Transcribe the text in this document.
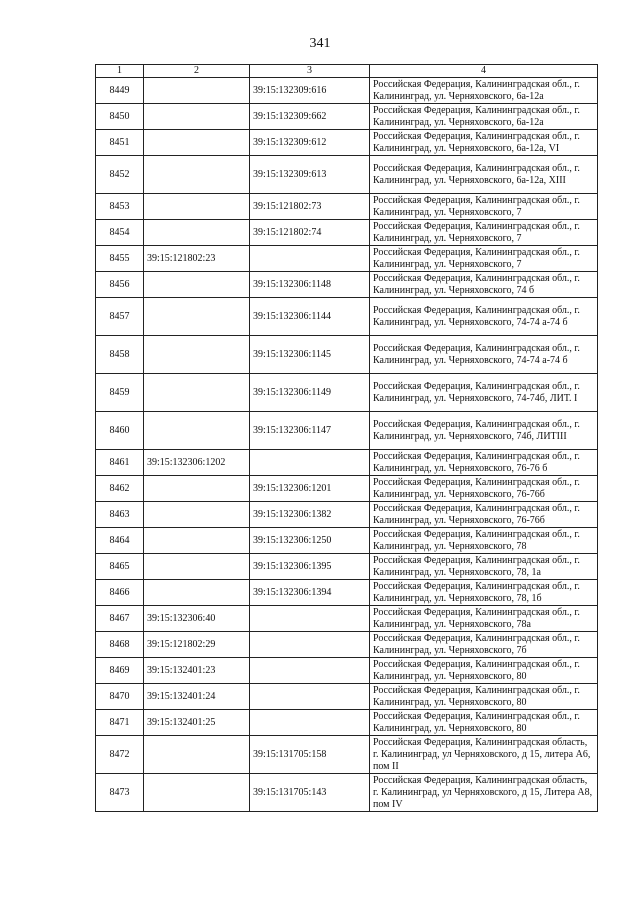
341
1	2	3	4
8449		39:15:132309:616	Российская Федерация, Калининградская обл., г. Калининград, ул. Черняховского, 6а-12а
8450		39:15:132309:662	Российская Федерация, Калининградская обл., г. Калининград, ул. Черняховского, 6а-12а
8451		39:15:132309:612	Российская Федерация, Калининградская обл., г. Калининград, ул. Черняховского, 6а-12а, VI
8452		39:15:132309:613	Российская Федерация, Калининградская обл., г. Калининград, ул. Черняховского, 6а-12а, XIII
8453		39:15:121802:73	Российская Федерация, Калининградская обл., г. Калининград, ул. Черняховского, 7
8454		39:15:121802:74	Российская Федерация, Калининградская обл., г. Калининград, ул. Черняховского, 7
8455	39:15:121802:23		Российская Федерация, Калининградская обл., г. Калининград, ул. Черняховского, 7
8456		39:15:132306:1148	Российская Федерация, Калининградская обл., г. Калининград, ул. Черняховского, 74 б
8457		39:15:132306:1144	Российская Федерация, Калининградская обл., г. Калининград, ул. Черняховского, 74-74 а-74 б
8458		39:15:132306:1145	Российская Федерация, Калининградская обл., г. Калининград, ул. Черняховского, 74-74 а-74 б
8459		39:15:132306:1149	Российская Федерация, Калининградская обл., г. Калининград, ул. Черняховского, 74-74б, ЛИТ. I
8460		39:15:132306:1147	Российская Федерация, Калининградская обл., г. Калининград, ул. Черняховского, 74б, ЛИТIII
8461	39:15:132306:1202		Российская Федерация, Калининградская обл., г. Калининград, ул. Черняховского, 76-76 б
8462		39:15:132306:1201	Российская Федерация, Калининградская обл., г. Калининград, ул. Черняховского, 76-76б
8463		39:15:132306:1382	Российская Федерация, Калининградская обл., г. Калининград, ул. Черняховского, 76-76б
8464		39:15:132306:1250	Российская Федерация, Калининградская обл., г. Калининград, ул. Черняховского, 78
8465		39:15:132306:1395	Российская Федерация, Калининградская обл., г. Калининград, ул. Черняховского, 78, 1а
8466		39:15:132306:1394	Российская Федерация, Калининградская обл., г. Калининград, ул. Черняховского, 78, 1б
8467	39:15:132306:40		Российская Федерация, Калининградская обл., г. Калининград, ул. Черняховского, 78а
8468	39:15:121802:29		Российская Федерация, Калининградская обл., г. Калининград, ул. Черняховского, 7б
8469	39:15:132401:23		Российская Федерация, Калининградская обл., г. Калининград, ул. Черняховского, 80
8470	39:15:132401:24		Российская Федерация, Калининградская обл., г. Калининград, ул. Черняховского, 80
8471	39:15:132401:25		Российская Федерация, Калининградская обл., г. Калининград, ул. Черняховского, 80
8472		39:15:131705:158	Российская Федерация, Калининградская область, г. Калининград, ул Черняховского, д 15, литера А6, пом II
8473		39:15:131705:143	Российская Федерация, Калининградская область, г. Калининград, ул Черняховского, д 15, Литера А8, пом IV
